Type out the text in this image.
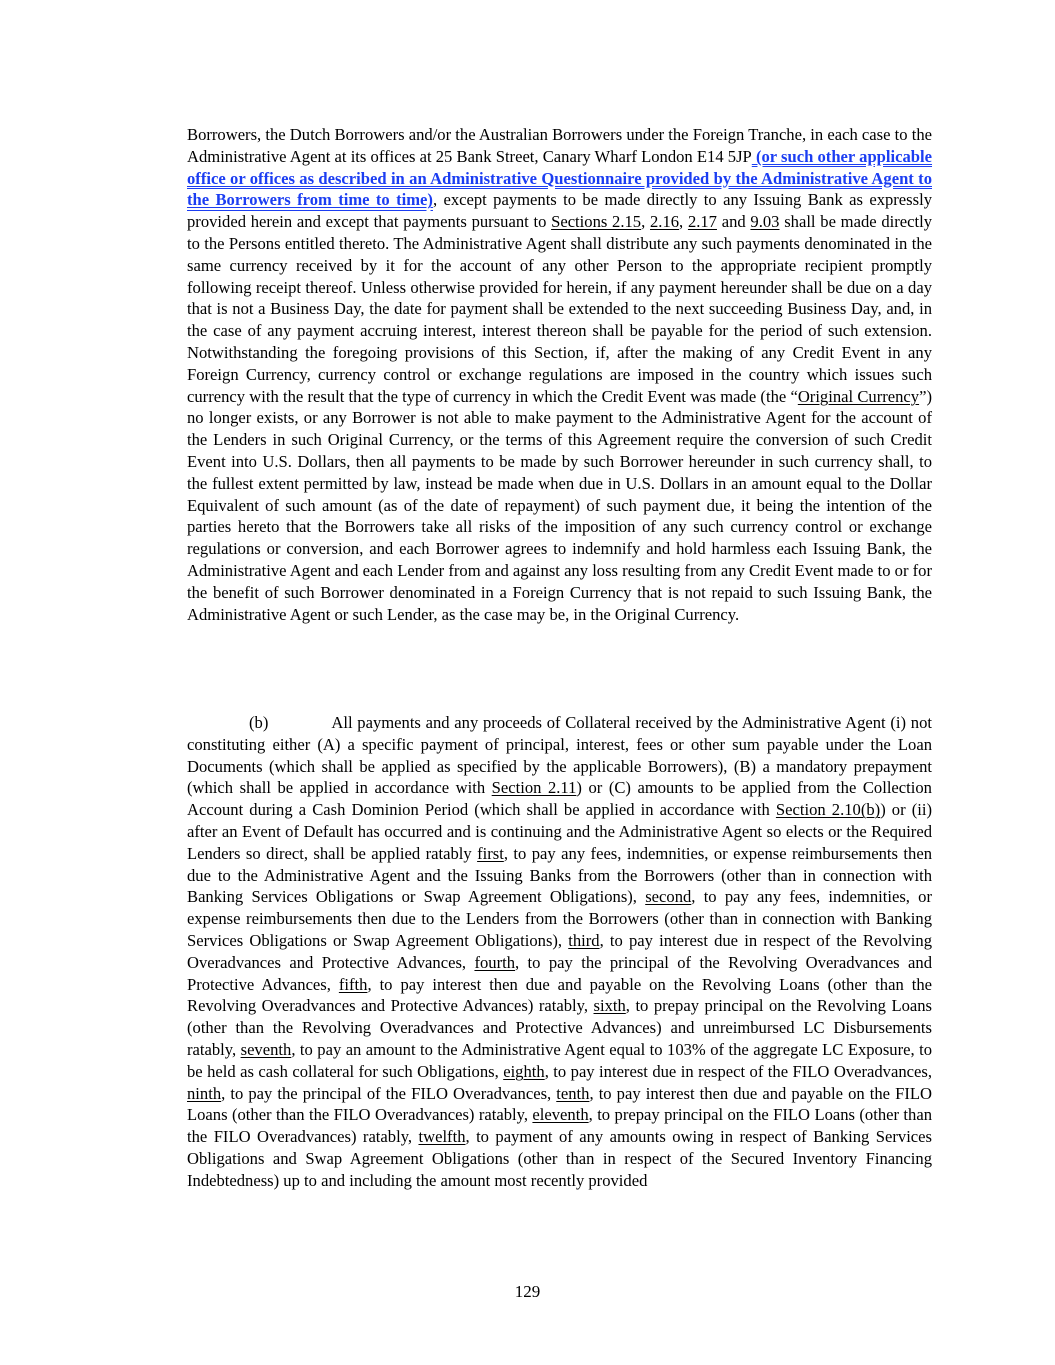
Borrowers, the Dutch Borrowers and/or the Australian Borrowers under the Foreign Tranche, in each case to the Administrative Agent at its offices at 25 Bank Street, Canary Wharf London E14 5JP (or such other applicable office or offices as described in an Administrative Questionnaire provided by the Administrative Agent to the Borrowers from time to time), except payments to be made directly to any Issuing Bank as expressly provided herein and except that payments pursuant to Sections 2.15, 2.16, 2.17 and 9.03 shall be made directly to the Persons entitled thereto. The Administrative Agent shall distribute any such payments denominated in the same currency received by it for the account of any other Person to the appropriate recipient promptly following receipt thereof. Unless otherwise provided for herein, if any payment hereunder shall be due on a day that is not a Business Day, the date for payment shall be extended to the next succeeding Business Day, and, in the case of any payment accruing interest, interest thereon shall be payable for the period of such extension. Notwithstanding the foregoing provisions of this Section, if, after the making of any Credit Event in any Foreign Currency, currency control or exchange regulations are imposed in the country which issues such currency with the result that the type of currency in which the Credit Event was made (the “Original Currency”) no longer exists, or any Borrower is not able to make payment to the Administrative Agent for the account of the Lenders in such Original Currency, or the terms of this Agreement require the conversion of such Credit Event into U.S. Dollars, then all payments to be made by such Borrower hereunder in such currency shall, to the fullest extent permitted by law, instead be made when due in U.S. Dollars in an amount equal to the Dollar Equivalent of such amount (as of the date of repayment) of such payment due, it being the intention of the parties hereto that the Borrowers take all risks of the imposition of any such currency control or exchange regulations or conversion, and each Borrower agrees to indemnify and hold harmless each Issuing Bank, the Administrative Agent and each Lender from and against any loss resulting from any Credit Event made to or for the benefit of such Borrower denominated in a Foreign Currency that is not repaid to such Issuing Bank, the Administrative Agent or such Lender, as the case may be, in the Original Currency.

(b)	All payments and any proceeds of Collateral received by the Administrative Agent (i) not constituting either (A) a specific payment of principal, interest, fees or other sum payable under the Loan Documents (which shall be applied as specified by the applicable Borrowers), (B) a mandatory prepayment (which shall be applied in accordance with Section 2.11) or (C) amounts to be applied from the Collection Account during a Cash Dominion Period (which shall be applied in accordance with Section 2.10(b)) or (ii) after an Event of Default has occurred and is continuing and the Administrative Agent so elects or the Required Lenders so direct, shall be applied ratably first, to pay any fees, indemnities, or expense reimbursements then due to the Administrative Agent and the Issuing Banks from the Borrowers (other than in connection with Banking Services Obligations or Swap Agreement Obligations), second, to pay any fees, indemnities, or expense reimbursements then due to the Lenders from the Borrowers (other than in connection with Banking Services Obligations or Swap Agreement Obligations), third, to pay interest due in respect of the Revolving Overadvances and Protective Advances, fourth, to pay the principal of the Revolving Overadvances and Protective Advances, fifth, to pay interest then due and payable on the Revolving Loans (other than the Revolving Overadvances and Protective Advances) ratably, sixth, to prepay principal on the Revolving Loans (other than the Revolving Overadvances and Protective Advances) and unreimbursed LC Disbursements ratably, seventh, to pay an amount to the Administrative Agent equal to 103% of the aggregate LC Exposure, to be held as cash collateral for such Obligations, eighth, to pay interest due in respect of the FILO Overadvances, ninth, to pay the principal of the FILO Overadvances, tenth, to pay interest then due and payable on the FILO Loans (other than the FILO Overadvances) ratably, eleventh, to prepay principal on the FILO Loans (other than the FILO Overadvances) ratably, twelfth, to payment of any amounts owing in respect of Banking Services Obligations and Swap Agreement Obligations (other than in respect of the Secured Inventory Financing Indebtedness) up to and including the amount most recently provided

129
